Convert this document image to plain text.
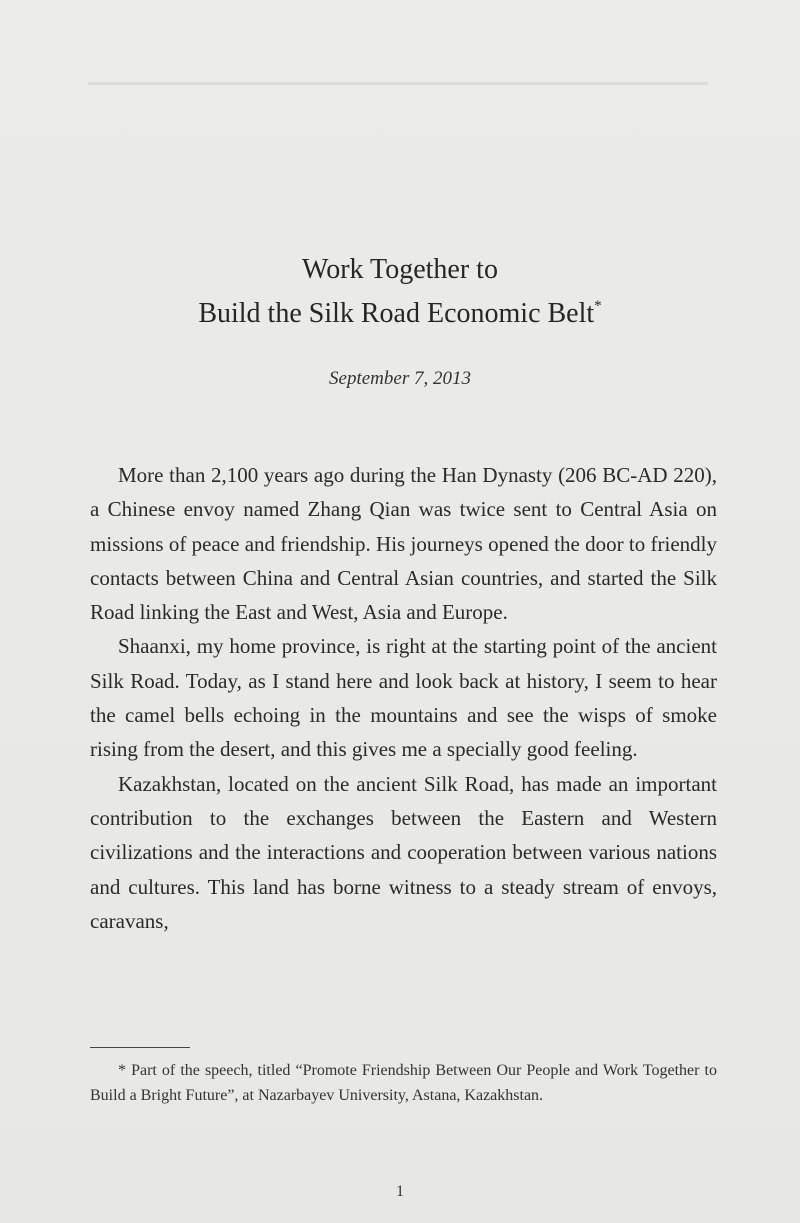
Work Together to
Build the Silk Road Economic Belt*
September 7, 2013

More than 2,100 years ago during the Han Dynasty (206 BC-AD 220), a Chinese envoy named Zhang Qian was twice sent to Central Asia on missions of peace and friendship. His journeys opened the door to friendly contacts between China and Central Asian countries, and started the Silk Road linking the East and West, Asia and Europe.

Shaanxi, my home province, is right at the starting point of the ancient Silk Road. Today, as I stand here and look back at history, I seem to hear the camel bells echoing in the mountains and see the wisps of smoke rising from the desert, and this gives me a specially good feeling.

Kazakhstan, located on the ancient Silk Road, has made an important contribution to the exchanges between the Eastern and Western civilizations and the interactions and cooperation between various nations and cultures. This land has borne witness to a steady stream of envoys, caravans,

* Part of the speech, titled “Promote Friendship Between Our People and Work Together to Build a Bright Future”, at Nazarbayev University, Astana, Kazakhstan.

1
